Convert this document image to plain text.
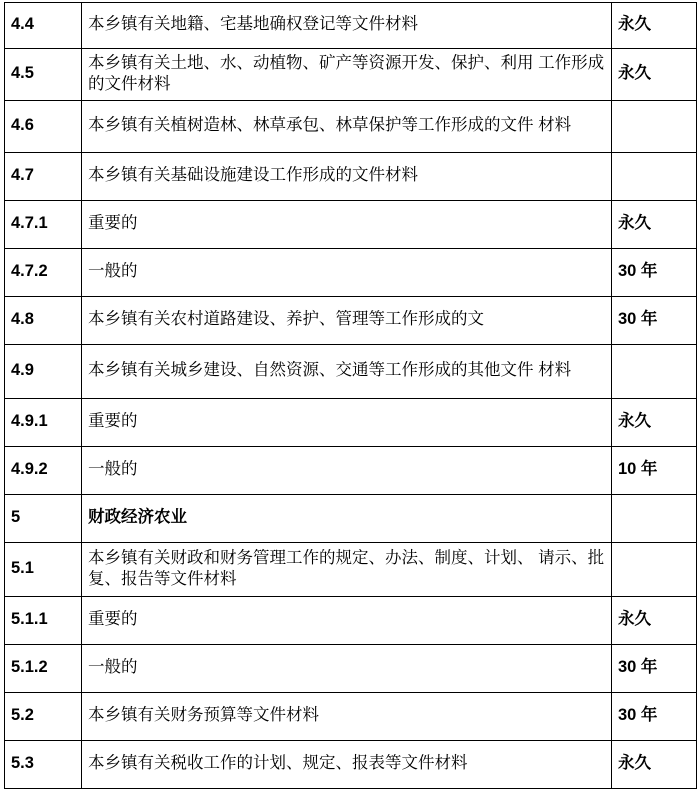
4.4	本乡镇有关地籍、宅基地确权登记等文件材料	永久
4.5	本乡镇有关土地、水、动植物、矿产等资源开发、保护、利用 工作形成的文件材料	永久
4.6	本乡镇有关植树造林、林草承包、林草保护等工作形成的文件 材料	
4.7	本乡镇有关基础设施建设工作形成的文件材料	
4.7.1	重要的	永久
4.7.2	一般的	30 年
4.8	本乡镇有关农村道路建设、养护、管理等工作形成的文	30 年
4.9	本乡镇有关城乡建设、自然资源、交通等工作形成的其他文件 材料	
4.9.1	重要的	永久
4.9.2	一般的	10 年
5	财政经济农业	
5.1	本乡镇有关财政和财务管理工作的规定、办法、制度、计划、 请示、批复、报告等文件材料	
5.1.1	重要的	永久
5.1.2	一般的	30 年
5.2	本乡镇有关财务预算等文件材料	30 年
5.3	本乡镇有关税收工作的计划、规定、报表等文件材料	永久
